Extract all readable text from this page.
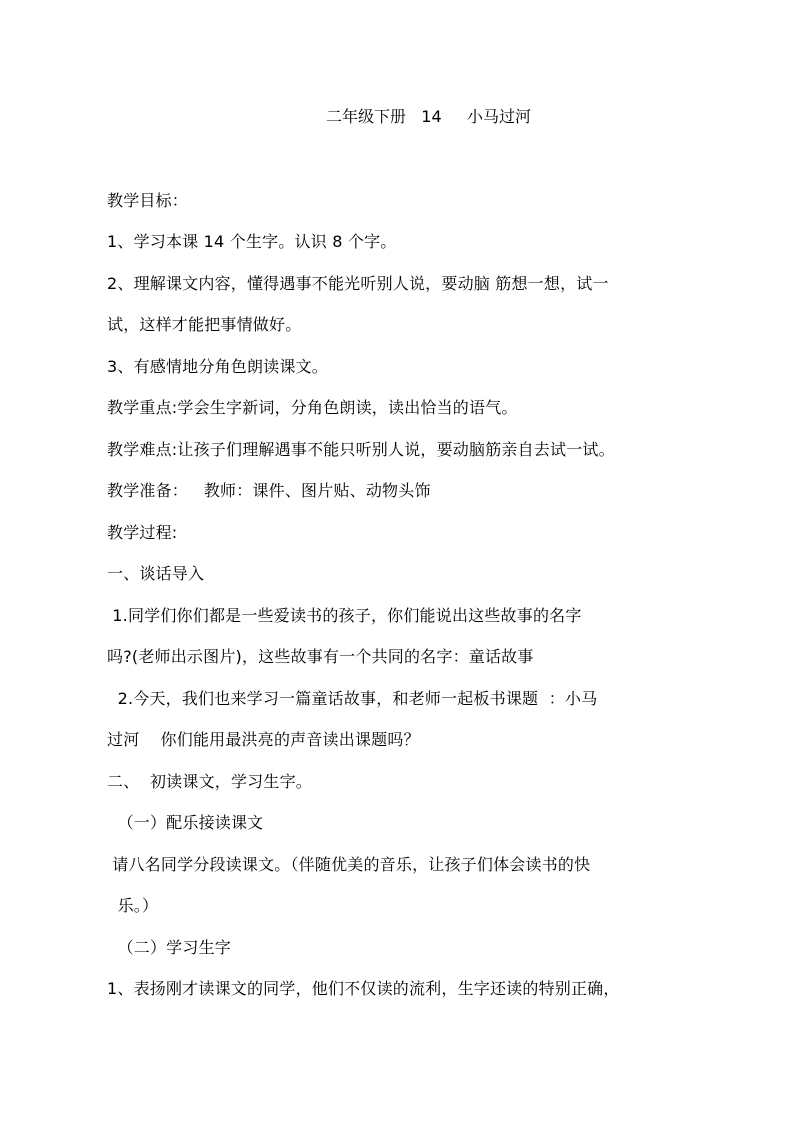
二年级下册   14     小马过河
教学目标：
1、学习本课 14 个生字。认识 8 个字。
2、理解课文内容，懂得遇事不能光听别人说，要动脑 筋想一想，试一
试，这样才能把事情做好。
3、有感情地分角色朗读课文。
教学重点:学会生字新词，分角色朗读，读出恰当的语气。
教学难点:让孩子们理解遇事不能只听别人说，要动脑筋亲自去试一试。
教学准备：   教师：课件、图片贴、动物头饰
教学过程:
一、谈话导入
1.同学们你们都是一些爱读书的孩子，你们能说出这些故事的名字
吗?(老师出示图片)，这些故事有一个共同的名字：童话故事
2.今天，我们也来学习一篇童话故事，和老师一起板书课题  ：小马
过河    你们能用最洪亮的声音读出课题吗？
二、  初读课文，学习生字。
（一）配乐接读课文
请八名同学分段读课文。（伴随优美的音乐，让孩子们体会读书的快
乐。）
（二）学习生字
1、表扬刚才读课文的同学，他们不仅读的流利，生字还读的特别正确，
